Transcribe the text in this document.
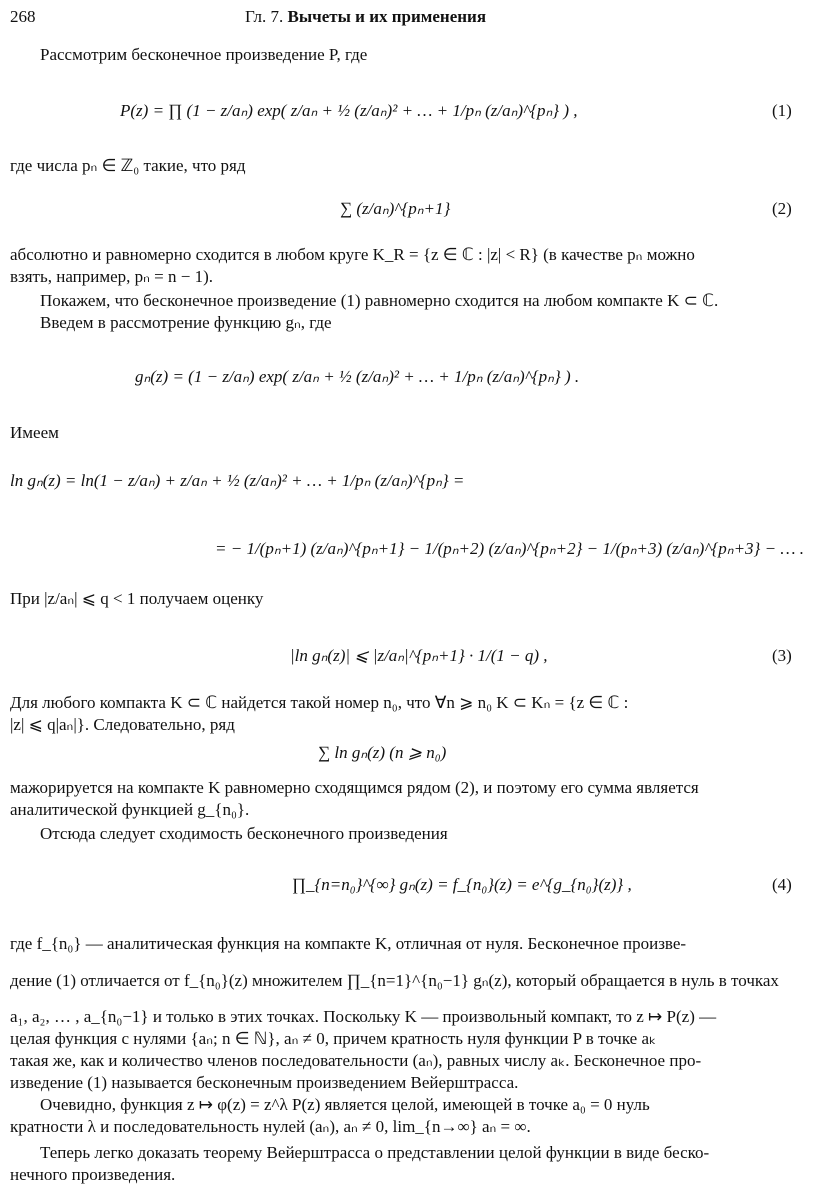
268	Гл. 7. Вычеты и их применения
Рассмотрим бесконечное произведение P, где
P(z) = ∏ (1 − z/aₙ) exp( z/aₙ + ½ (z/aₙ)² + … + 1/pₙ (z/aₙ)^{pₙ} ) ,	(1)
где числа pₙ ∈ ℤ₀ такие, что ряд
∑ (z/aₙ)^{pₙ+1}	(2)
абсолютно и равномерно сходится в любом круге K_R = {z ∈ ℂ : |z| < R} (в качестве pₙ можно
взять, например, pₙ = n − 1).
Покажем, что бесконечное произведение (1) равномерно сходится на любом компакте K ⊂ ℂ.
Введем в рассмотрение функцию gₙ, где
gₙ(z) = (1 − z/aₙ) exp( z/aₙ + ½ (z/aₙ)² + … + 1/pₙ (z/aₙ)^{pₙ} ) .
Имеем
ln gₙ(z) = ln(1 − z/aₙ) + z/aₙ + ½ (z/aₙ)² + … + 1/pₙ (z/aₙ)^{pₙ} =
= − 1/(pₙ+1) (z/aₙ)^{pₙ+1} − 1/(pₙ+2) (z/aₙ)^{pₙ+2} − 1/(pₙ+3) (z/aₙ)^{pₙ+3} − … .
При |z/aₙ| ⩽ q < 1 получаем оценку
|ln gₙ(z)| ⩽ |z/aₙ|^{pₙ+1} · 1/(1 − q) ,	(3)
Для любого компакта K ⊂ ℂ найдется такой номер n₀, что ∀n ⩾ n₀ K ⊂ Kₙ = {z ∈ ℂ :
|z| ⩽ q|aₙ|}. Следовательно, ряд
∑ ln gₙ(z) (n ⩾ n₀)
мажорируется на компакте K равномерно сходящимся рядом (2), и поэтому его сумма является
аналитической функцией g_{n₀}.
Отсюда следует сходимость бесконечного произведения
∏_{n=n₀}^{∞} gₙ(z) = f_{n₀}(z) = e^{g_{n₀}(z)} ,	(4)
где f_{n₀} — аналитическая функция на компакте K, отличная от нуля. Бесконечное произве-
дение (1) отличается от f_{n₀}(z) множителем ∏_{n=1}^{n₀−1} gₙ(z), который обращается в нуль в точках
a₁, a₂, … , a_{n₀−1} и только в этих точках. Поскольку K — произвольный компакт, то z ↦ P(z) —
целая функция с нулями {aₙ; n ∈ ℕ}, aₙ ≠ 0, причем кратность нуля функции P в точке aₖ
такая же, как и количество членов последовательности (aₙ), равных числу aₖ. Бесконечное про-
изведение (1) называется бесконечным произведением Вейерштрасса.
Очевидно, функция z ↦ φ(z) = z^λ P(z) является целой, имеющей в точке a₀ = 0 нуль
кратности λ и последовательность нулей (aₙ), aₙ ≠ 0, lim_{n→∞} aₙ = ∞.
Теперь легко доказать теорему Вейерштрасса о представлении целой функции в виде беско-
нечного произведения.
